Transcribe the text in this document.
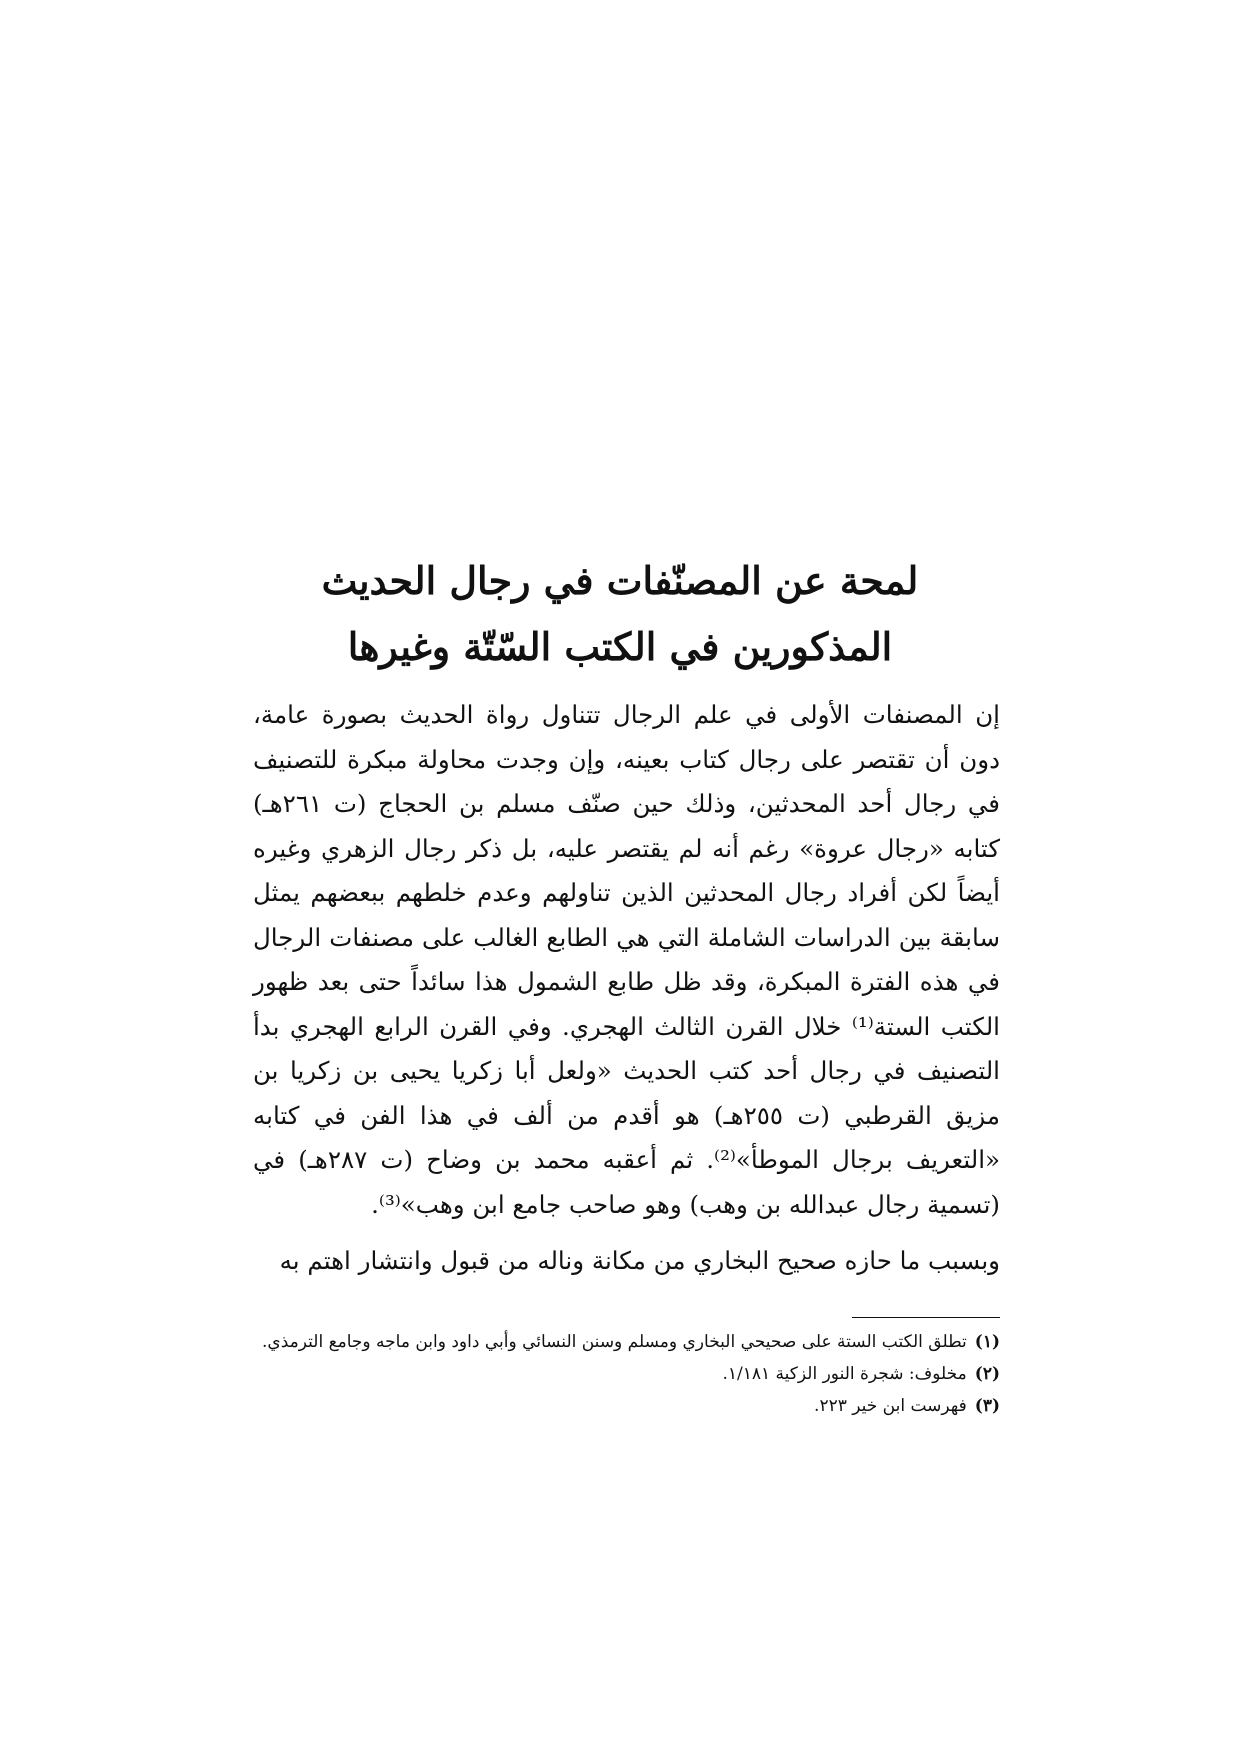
لمحة عن المصنّفات في رجال الحديث

المذكورين في الكتب السّتّة وغيرها

إن المصنفات الأولى في علم الرجال تتناول رواة الحديث بصورة عامة، دون أن تقتصر على رجال كتاب بعينه، وإن وجدت محاولة مبكرة للتصنيف في رجال أحد المحدثين، وذلك حين صنّف مسلم بن الحجاج (ت ٢٦١هـ) كتابه «رجال عروة» رغم أنه لم يقتصر عليه، بل ذكر رجال الزهري وغيره أيضاً لكن أفراد رجال المحدثين الذين تناولهم وعدم خلطهم ببعضهم يمثل سابقة بين الدراسات الشاملة التي هي الطابع الغالب على مصنفات الرجال في هذه الفترة المبكرة، وقد ظل طابع الشمول هذا سائداً حتى بعد ظهور الكتب الستة⁽¹⁾ خلال القرن الثالث الهجري. وفي القرن الرابع الهجري بدأ التصنيف في رجال أحد كتب الحديث «ولعل أبا زكريا يحيى بن زكريا بن مزيق القرطبي (ت ٢٥٥هـ) هو أقدم من ألف في هذا الفن في كتابه «التعريف برجال الموطأ»⁽²⁾. ثم أعقبه محمد بن وضاح (ت ٢٨٧هـ) في (تسمية رجال عبدالله بن وهب) وهو صاحب جامع ابن وهب»⁽³⁾.

وبسبب ما حازه صحيح البخاري من مكانة وناله من قبول وانتشار اهتم به

(١)
تطلق الكتب الستة على صحيحي البخاري ومسلم وسنن النسائي وأبي داود وابن ماجه وجامع الترمذي.
(٢)
مخلوف: شجرة النور الزكية ١/١٨١.
(٣)
فهرست ابن خير ٢٢٣.
